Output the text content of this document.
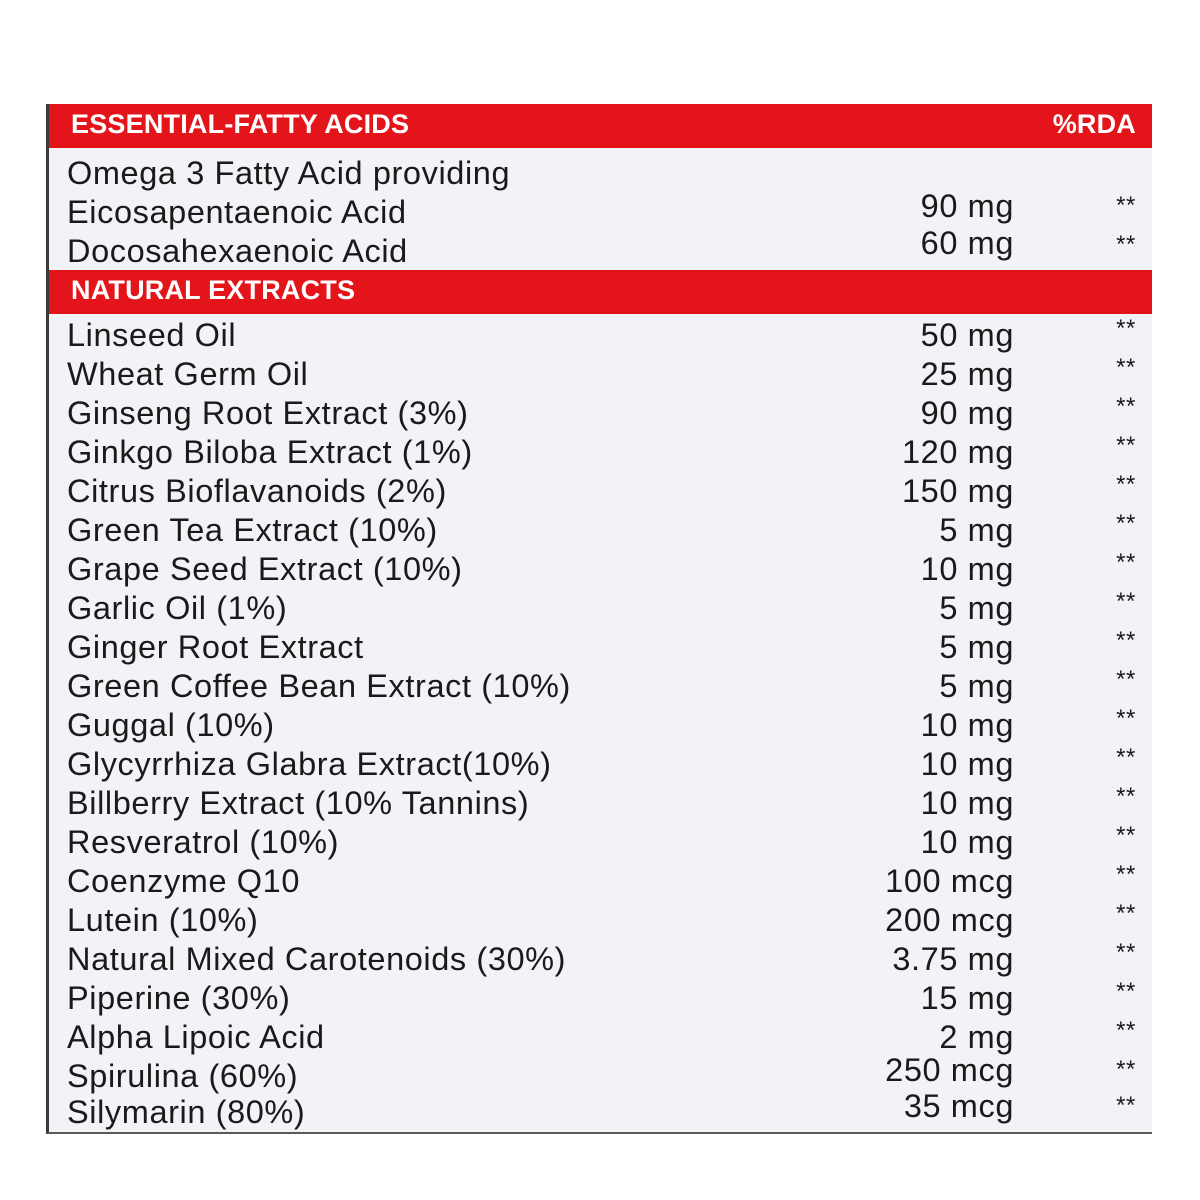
ESSENTIAL-FATTY ACIDS	%RDA
Omega 3 Fatty Acid providing
Eicosapentaenoic Acid	90 mg	**
Docosahexaenoic Acid	60 mg	**
NATURAL EXTRACTS
Linseed Oil	50 mg	**
Wheat Germ Oil	25 mg	**
Ginseng Root Extract (3%)	90 mg	**
Ginkgo Biloba Extract (1%)	120 mg	**
Citrus Bioflavanoids (2%)	150 mg	**
Green Tea Extract (10%)	5 mg	**
Grape Seed Extract (10%)	10 mg	**
Garlic Oil (1%)	5 mg	**
Ginger Root Extract	5 mg	**
Green Coffee Bean Extract (10%)	5 mg	**
Guggal (10%)	10 mg	**
Glycyrrhiza Glabra Extract(10%)	10 mg	**
Billberry Extract (10% Tannins)	10 mg	**
Resveratrol (10%)	10 mg	**
Coenzyme Q10	100 mcg	**
Lutein (10%)	200 mcg	**
Natural Mixed Carotenoids (30%)	3.75 mg	**
Piperine (30%)	15 mg	**
Alpha Lipoic Acid	2 mg	**
Spirulina (60%)	250 mcg	**
Silymarin (80%)	35 mcg	**
